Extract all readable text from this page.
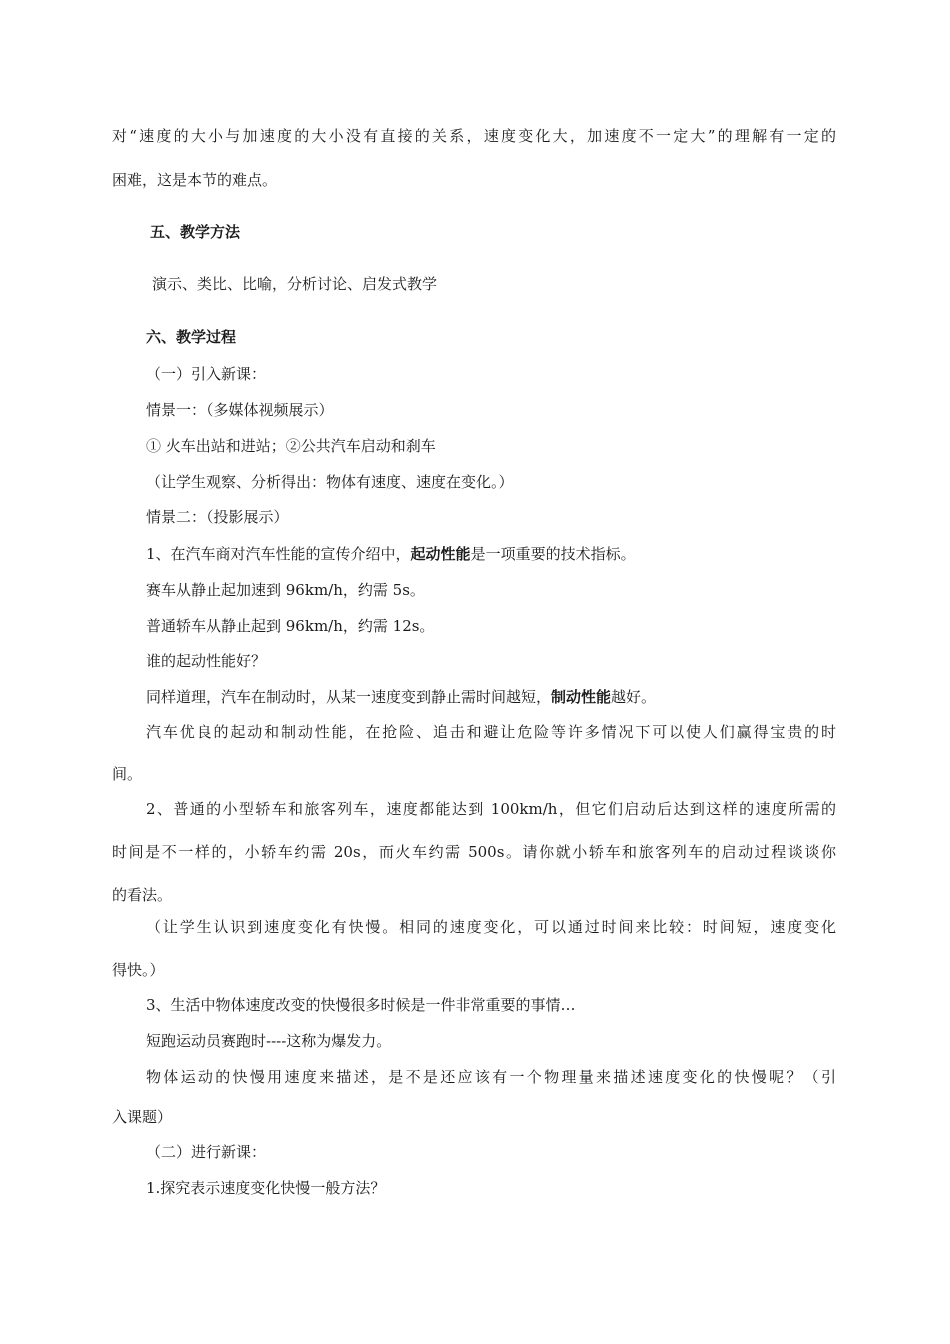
对“速度的大小与加速度的大小没有直接的关系，速度变化大，加速度不一定大”的理解有一定的

困难，这是本节的难点。

五、教学方法

演示、类比、比喻，分析讨论、启发式教学

六、教学过程

（一）引入新课：

情景一：（多媒体视频展示）

① 火车出站和进站；②公共汽车启动和刹车

（让学生观察、分析得出：物体有速度、速度在变化。）

情景二：（投影展示）

1、在汽车商对汽车性能的宣传介绍中，起动性能是一项重要的技术指标。

赛车从静止起加速到 96km/h，约需 5s。

普通轿车从静止起到 96km/h，约需 12s。

谁的起动性能好？

同样道理，汽车在制动时，从某一速度变到静止需时间越短，制动性能越好。

汽车优良的起动和制动性能，在抢险、追击和避让危险等许多情况下可以使人们赢得宝贵的时

间。

2、普通的小型轿车和旅客列车，速度都能达到 100km/h，但它们启动后达到这样的速度所需的

时间是不一样的，小轿车约需 20s，而火车约需 500s。请你就小轿车和旅客列车的启动过程谈谈你

的看法。

（让学生认识到速度变化有快慢。相同的速度变化，可以通过时间来比较：时间短，速度变化

得快。）

3、生活中物体速度改变的快慢很多时候是一件非常重要的事情…

短跑运动员赛跑时----这称为爆发力。

物体运动的快慢用速度来描述，是不是还应该有一个物理量来描述速度变化的快慢呢？（引

入课题）

（二）进行新课：

1.探究表示速度变化快慢一般方法？
